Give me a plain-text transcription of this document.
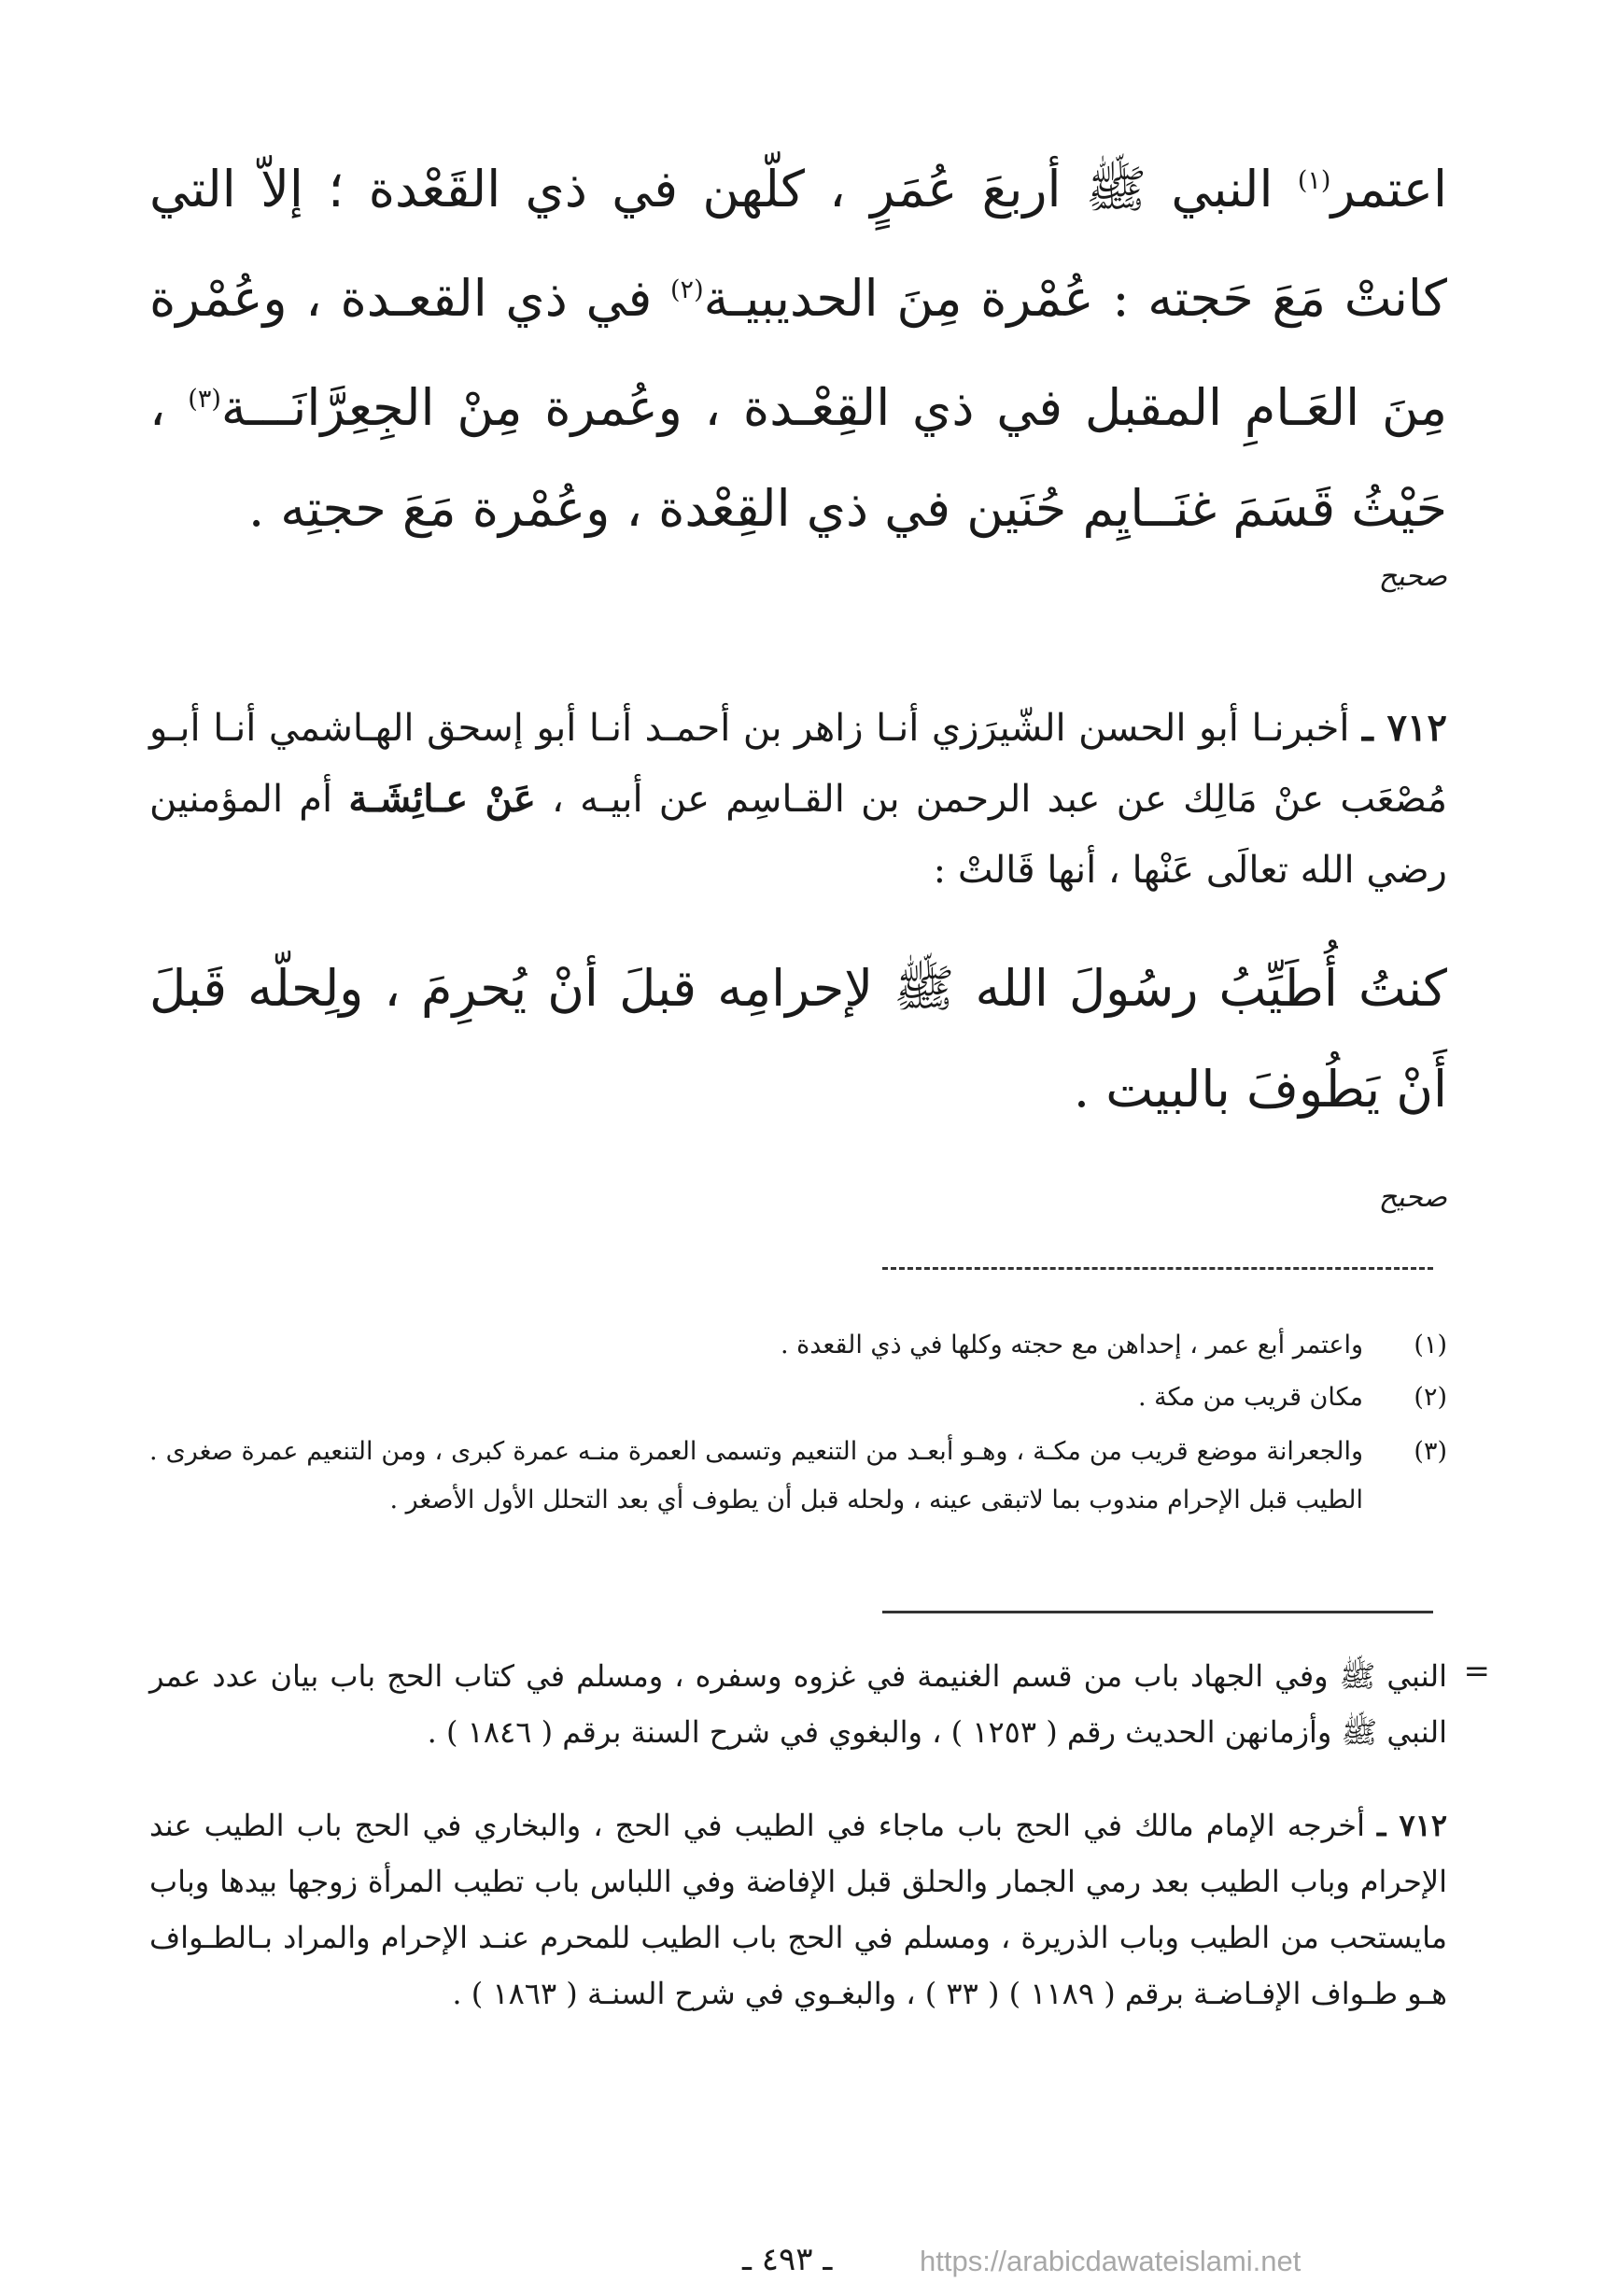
اعتمر$^{(١)}$ النبي ﷺ أربعَ عُمَرٍ ، كلّهن في ذي القَعْدة ؛ إلاّ التي كانتْ مَعَ حَجته : عُمْرة مِنَ الحديبيـة$^{(٢)}$ في ذي القعـدة ، وعُمْرة مِنَ العَـامِ المقبل في ذي القِعْـدة ، وعُمرة مِنْ الجِعِرَّانَـــة$^{(٣)}$ ، حَيْثُ قَسَمَ غنَــايِم حُنَين في ذي القِعْدة ، وعُمْرة مَعَ حجتِه .
صحيح
٧١٢ ـ أخبرنـا أبو الحسن الشّيرَزي أنـا زاهر بن أحمـد أنـا أبو إسحق الهـاشمي أنـا أبـو مُصْعَب عنْ مَالِك عن عبد الرحمن بن القـاسِم عن أبيـه ، عَنْ عـائِشَـة أم المؤمنين رضي الله تعالَى عَنْها ، أنها قَالتْ :
كنتُ أُطَيِّبُ رسُولَ الله ﷺ لإحرامِه قبلَ أنْ يُحرِمَ ، ولِحلّه قَبلَ أَنْ يَطُوفَ بالبيت .
صحيح
(١)
واعتمر أبع عمر ، إحداهن مع حجته وكلها في ذي القعدة .
(٢)
مكان قريب من مكة .
(٣)
والجعرانة موضع قريب من مكـة ، وهـو أبعـد من التنعيم وتسمى العمرة منـه عمرة كبرى ، ومن التنعيم عمرة صغرى . الطيب قبل الإحرام مندوب بما لاتبقى عينه ، ولحله قبل أن يطوف أي بعد التحلل الأول الأصغر .
=
النبي ﷺ وفي الجهاد باب من قسم الغنيمة في غزوه وسفره ، ومسلم في كتاب الحج باب بيان عدد عمر النبي ﷺ وأزمانهن الحديث رقم ( ١٢٥٣ ) ، والبغوي في شرح السنة برقم ( ١٨٤٦ ) .
٧١٢ ـ أخرجه الإمام مالك في الحج باب ماجاء في الطيب في الحج ، والبخاري في الحج باب الطيب عند الإحرام وباب الطيب بعد رمي الجمار والحلق قبل الإفاضة وفي اللباس باب تطيب المرأة زوجها بيدها وباب مايستحب من الطيب وباب الذريرة ، ومسلم في الحج باب الطيب للمحرم عنـد الإحرام والمراد بـالطـواف هـو طـواف الإفـاضـة برقم ( ١١٨٩ ) ( ٣٣ ) ، والبغـوي في شرح السنـة ( ١٨٦٣ ) .
ـ ٤٩٣ ـ	https://arabicdawateislami.net
